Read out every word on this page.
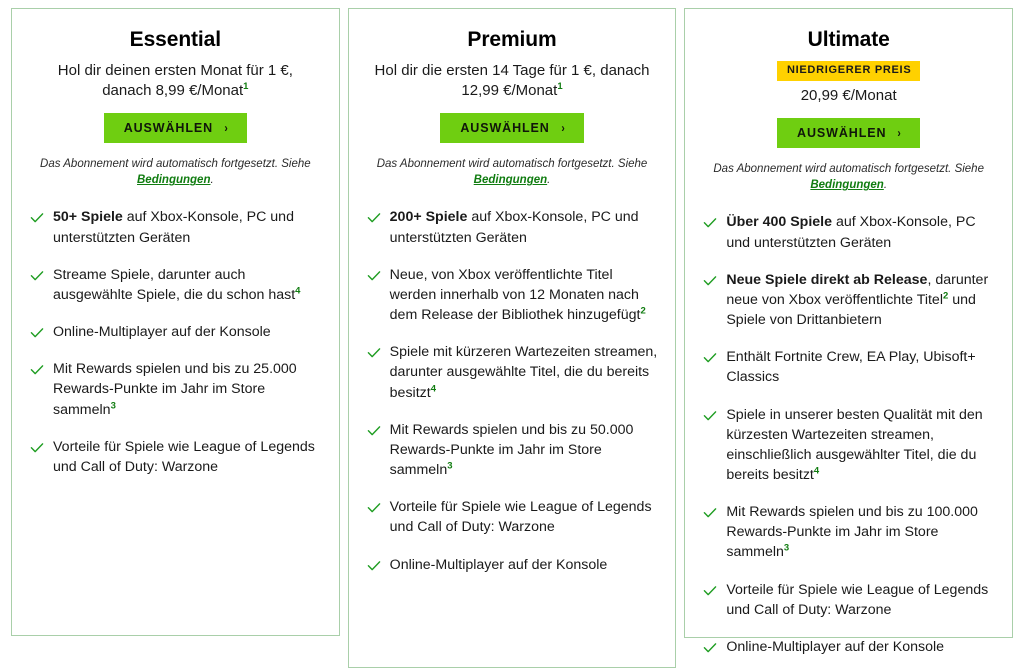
Essential
Hol dir deinen ersten Monat für 1 €, danach 8,99 €/Monat$^1$
AUSWÄHLEN ›
Das Abonnement wird automatisch fortgesetzt. Siehe Bedingungen.
50+ Spiele auf Xbox-Konsole, PC und unterstützten Geräten
Streame Spiele, darunter auch ausgewählte Spiele, die du schon hast$^4$
Online-Multiplayer auf der Konsole
Mit Rewards spielen und bis zu 25.000 Rewards-Punkte im Jahr im Store sammeln$^3$
Vorteile für Spiele wie League of Legends und Call of Duty: Warzone
Premium
Hol dir die ersten 14 Tage für 1 €, danach 12,99 €/Monat$^1$
AUSWÄHLEN ›
Das Abonnement wird automatisch fortgesetzt. Siehe Bedingungen.
200+ Spiele auf Xbox-Konsole, PC und unterstützten Geräten
Neue, von Xbox veröffentlichte Titel werden innerhalb von 12 Monaten nach dem Release der Bibliothek hinzugefügt$^2$
Spiele mit kürzeren Wartezeiten streamen, darunter ausgewählte Titel, die du bereits besitzt$^4$
Mit Rewards spielen und bis zu 50.000 Rewards-Punkte im Jahr im Store sammeln$^3$
Vorteile für Spiele wie League of Legends und Call of Duty: Warzone
Online-Multiplayer auf der Konsole
Ultimate
NIEDRIGERER PREIS
20,99 €/Monat
AUSWÄHLEN ›
Das Abonnement wird automatisch fortgesetzt. Siehe Bedingungen.
Über 400 Spiele auf Xbox-Konsole, PC und unterstützten Geräten
Neue Spiele direkt ab Release, darunter neue von Xbox veröffentlichte Titel$^2$ und Spiele von Drittanbietern
Enthält Fortnite Crew, EA Play, Ubisoft+ Classics
Spiele in unserer besten Qualität mit den kürzesten Wartezeiten streamen, einschließlich ausgewählter Titel, die du bereits besitzt$^4$
Mit Rewards spielen und bis zu 100.000 Rewards-Punkte im Jahr im Store sammeln$^3$
Vorteile für Spiele wie League of Legends und Call of Duty: Warzone
Online-Multiplayer auf der Konsole
